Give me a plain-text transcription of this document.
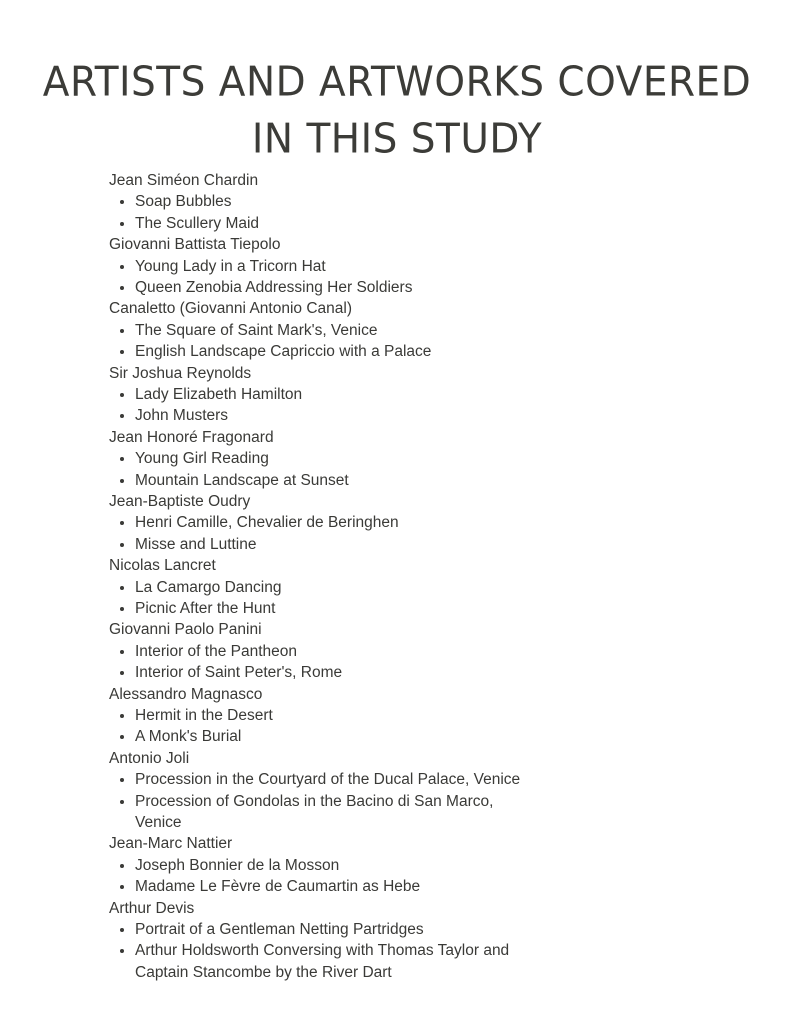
ARTISTS AND ARTWORKS COVERED
IN THIS STUDY
Jean Siméon Chardin
Soap Bubbles
The Scullery Maid
Giovanni Battista Tiepolo
Young Lady in a Tricorn Hat
Queen Zenobia Addressing Her Soldiers
Canaletto (Giovanni Antonio Canal)
The Square of Saint Mark's, Venice
English Landscape Capriccio with a Palace
Sir Joshua Reynolds
Lady Elizabeth Hamilton
John Musters
Jean Honoré Fragonard
Young Girl Reading
Mountain Landscape at Sunset
Jean-Baptiste Oudry
Henri Camille, Chevalier de Beringhen
Misse and Luttine
Nicolas Lancret
La Camargo Dancing
Picnic After the Hunt
Giovanni Paolo Panini
Interior of the Pantheon
Interior of Saint Peter's, Rome
Alessandro Magnasco
Hermit in the Desert
A Monk's Burial
Antonio Joli
Procession in the Courtyard of the Ducal Palace, Venice
Procession of Gondolas in the Bacino di San Marco, Venice
Jean-Marc Nattier
Joseph Bonnier de la Mosson
Madame Le Fèvre de Caumartin as Hebe
Arthur Devis
Portrait of a Gentleman Netting Partridges
Arthur Holdsworth Conversing with Thomas Taylor and Captain Stancombe by the River Dart
